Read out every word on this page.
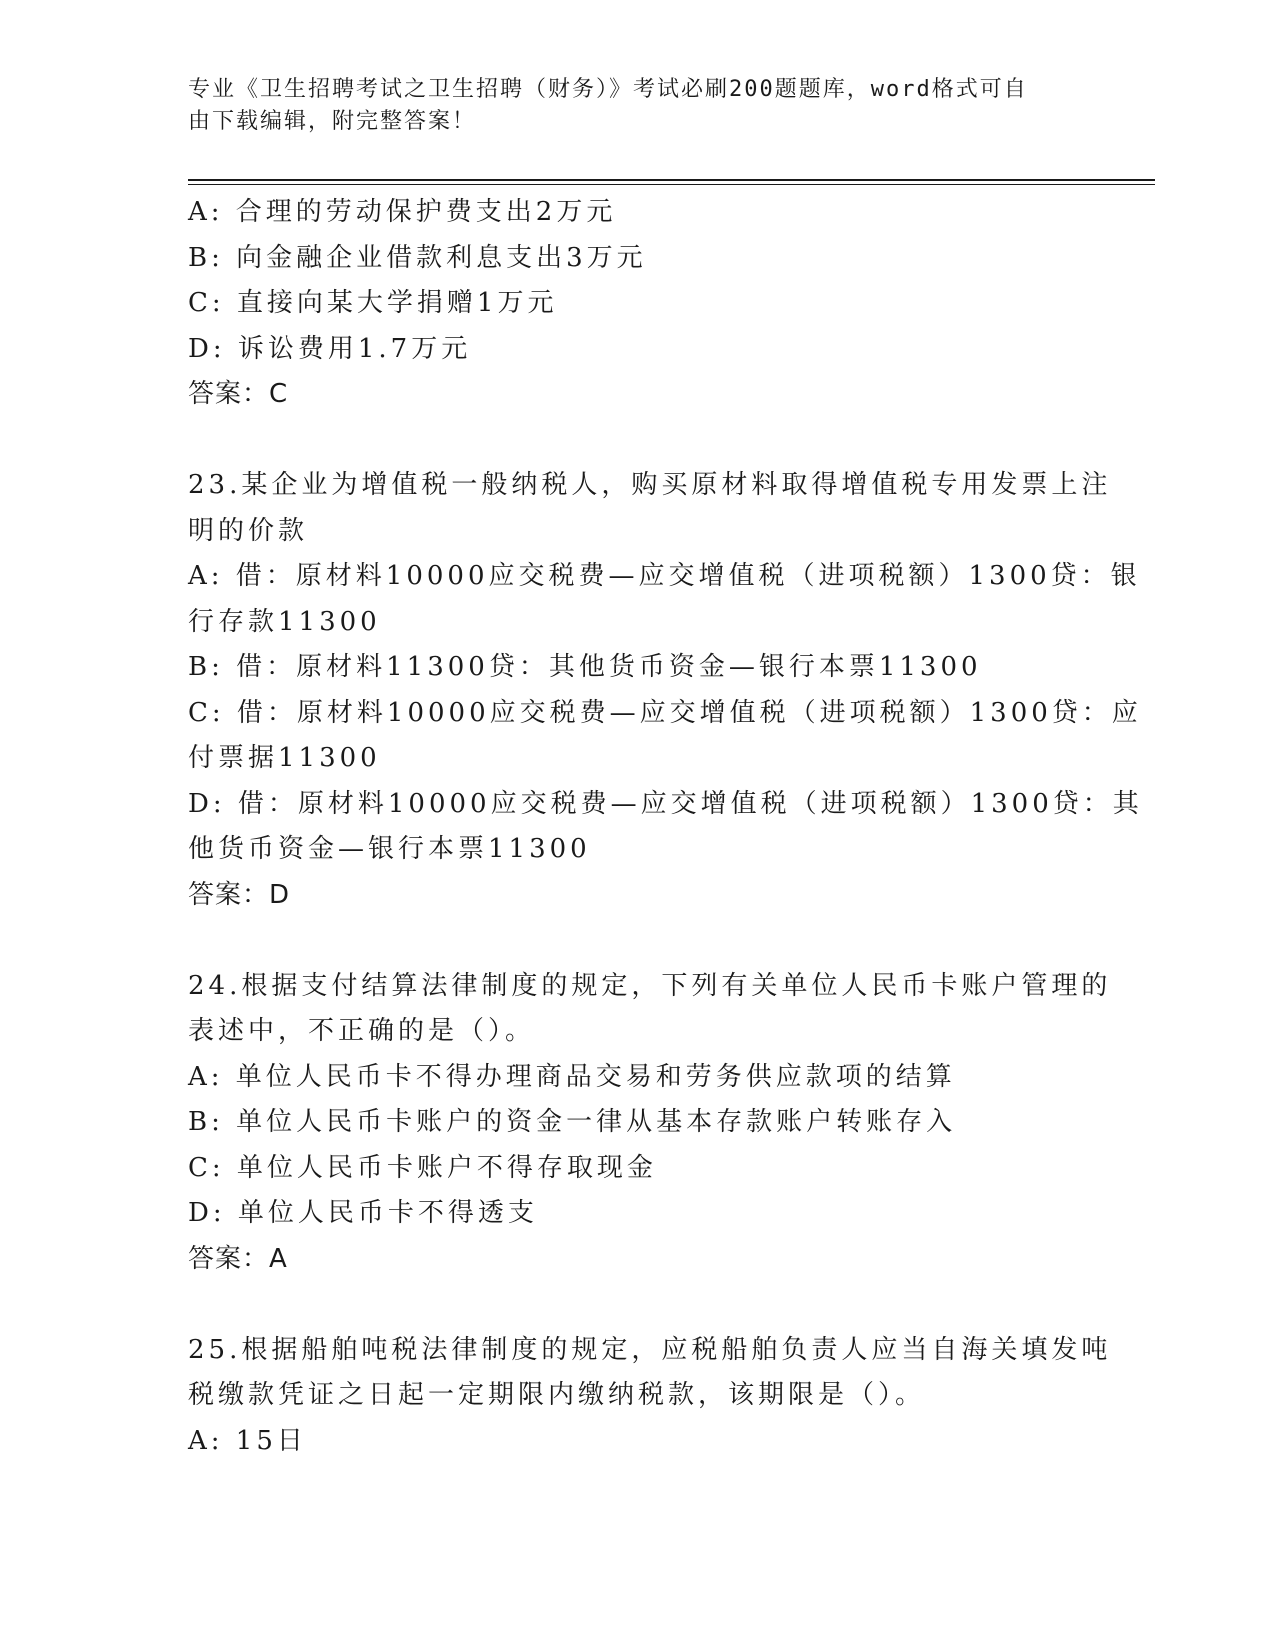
专业《卫生招聘考试之卫生招聘（财务）》考试必刷200题题库，word格式可自
由下载编辑，附完整答案！
A: 合理的劳动保护费支出2万元
B: 向金融企业借款利息支出3万元
C: 直接向某大学捐赠1万元
D: 诉讼费用1.7万元
答案：C
23.某企业为增值税一般纳税人，购买原材料取得增值税专用发票上注
明的价款
A: 借：原材料10000应交税费—应交增值税（进项税额）1300贷：银
行存款11300
B: 借：原材料11300贷：其他货币资金—银行本票11300
C: 借：原材料10000应交税费—应交增值税（进项税额）1300贷：应
付票据11300
D: 借：原材料10000应交税费—应交增值税（进项税额）1300贷：其
他货币资金—银行本票11300
答案：D
24.根据支付结算法律制度的规定，下列有关单位人民币卡账户管理的
表述中，不正确的是（）。
A: 单位人民币卡不得办理商品交易和劳务供应款项的结算
B: 单位人民币卡账户的资金一律从基本存款账户转账存入
C: 单位人民币卡账户不得存取现金
D: 单位人民币卡不得透支
答案：A
25.根据船舶吨税法律制度的规定，应税船舶负责人应当自海关填发吨
税缴款凭证之日起一定期限内缴纳税款，该期限是（）。
A: 15日
